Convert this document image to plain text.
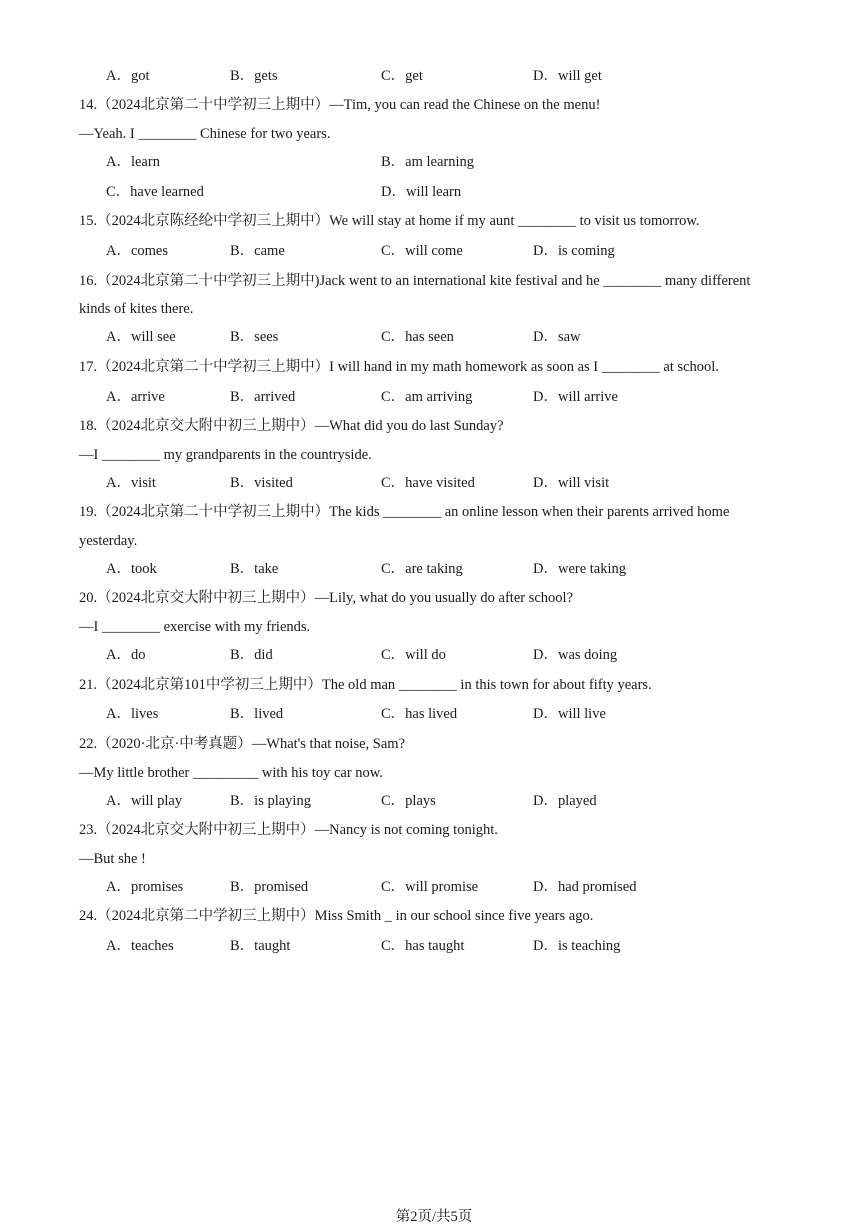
A．got	B．gets	C．get	D．will get
14.（2024北京第二十中学初三上期中）—Tim, you can read the Chinese on the menu!
—Yeah. I ________ Chinese for two years.
A．learn	B．am learning
C．have learned	D．will learn
15.（2024北京陈经纶中学初三上期中）We will stay at home if my aunt ________ to visit us tomorrow.
A．comes	B．came	C．will come	D．is coming
16.（2024北京第二十中学初三上期中)Jack went to an international kite festival and he ________ many different
kinds of kites there.
A．will see	B．sees	C．has seen	D．saw
17.（2024北京第二十中学初三上期中）I will hand in my math homework as soon as I ________ at school.
A．arrive	B．arrived	C．am arriving	D．will arrive
18.（2024北京交大附中初三上期中）—What did you do last Sunday?
—I ________ my grandparents in the countryside.
A．visit	B．visited	C．have visited	D．will visit
19.（2024北京第二十中学初三上期中）The kids ________ an online lesson when their parents arrived home
yesterday.
A．took	B．take	C．are taking	D．were taking
20.（2024北京交大附中初三上期中）—Lily, what do you usually do after school?
—I ________ exercise with my friends.
A．do	B．did	C．will do	D．was doing
21.（2024北京第101中学初三上期中）The old man ________ in this town for about fifty years.
A．lives	B．lived	C．has lived	D．will live
22.（2020·北京·中考真题）—What's that noise, Sam?
—My little brother _________ with his toy car now.
A．will play	B．is playing	C．plays	D．played
23.（2024北京交大附中初三上期中）—Nancy is not coming tonight.
—But she !
A．promises	B．promised	C．will promise	D．had promised
24.（2024北京第二中学初三上期中）Miss Smith _ in our school since five years ago.
A．teaches	B．taught	C．has taught	D．is teaching
第2页/共5页
